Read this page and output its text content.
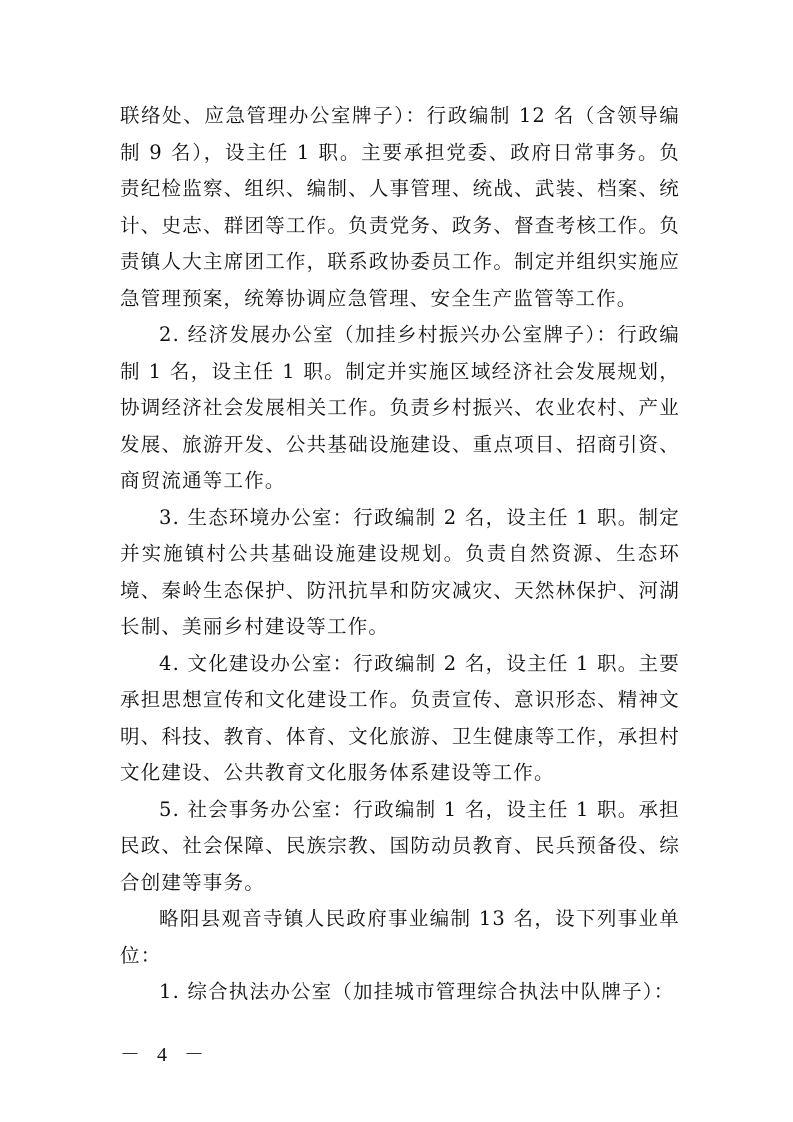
联络处、应急管理办公室牌子）：行政编制 12 名（含领导编制 9 名），设主任 1 职。主要承担党委、政府日常事务。负责纪检监察、组织、编制、人事管理、统战、武装、档案、统计、史志、群团等工作。负责党务、政务、督查考核工作。负责镇人大主席团工作，联系政协委员工作。制定并组织实施应急管理预案，统筹协调应急管理、安全生产监管等工作。

2. 经济发展办公室（加挂乡村振兴办公室牌子）：行政编制 1 名，设主任 1 职。制定并实施区域经济社会发展规划，协调经济社会发展相关工作。负责乡村振兴、农业农村、产业发展、旅游开发、公共基础设施建设、重点项目、招商引资、商贸流通等工作。

3. 生态环境办公室：行政编制 2 名，设主任 1 职。制定并实施镇村公共基础设施建设规划。负责自然资源、生态环境、秦岭生态保护、防汛抗旱和防灾减灾、天然林保护、河湖长制、美丽乡村建设等工作。

4. 文化建设办公室：行政编制 2 名，设主任 1 职。主要承担思想宣传和文化建设工作。负责宣传、意识形态、精神文明、科技、教育、体育、文化旅游、卫生健康等工作，承担村文化建设、公共教育文化服务体系建设等工作。

5. 社会事务办公室：行政编制 1 名，设主任 1 职。承担民政、社会保障、民族宗教、国防动员教育、民兵预备役、综合创建等事务。

略阳县观音寺镇人民政府事业编制 13 名，设下列事业单位：

1. 综合执法办公室（加挂城市管理综合执法中队牌子）：

－ 4 －
